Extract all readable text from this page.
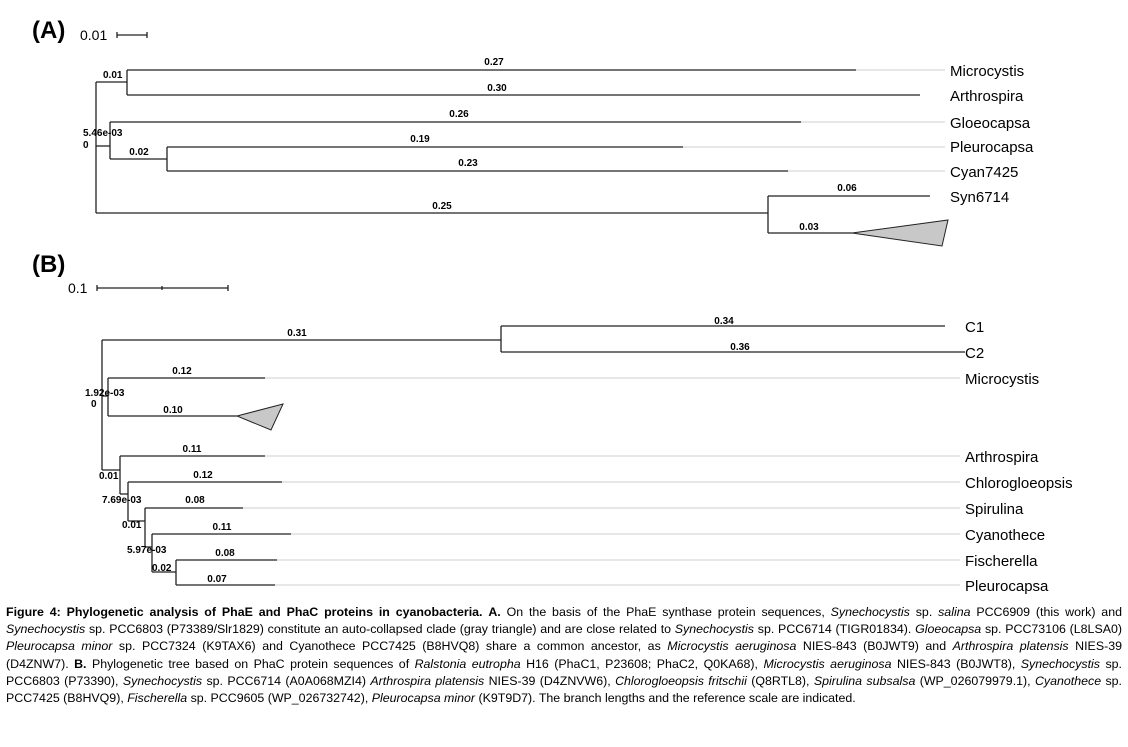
(A) 0.01
0.01
5.46e-03
0
0.27
0.30
0.26
0.19
0.23
0.06
0.25
0.02
0.03
Microcystis
Arthrospira
Gloeocapsa
Pleurocapsa
Cyan7425
Syn6714
(B)
0.1
1.92e-03
0
0.01
7.69e-03
0.01
5.97e-03
0.02
0.31
0.34
0.36
0.12
0.10
0.11
0.12
0.08
0.11
0.08
0.07
C1
C2
Microcystis
Arthrospira
Chlorogloeopsis
Spirulina
Cyanothece
Fischerella
Pleurocapsa
Figure 4: Phylogenetic analysis of PhaE and PhaC proteins in cyanobacteria. A. On the basis of the PhaE synthase protein sequences, Synechocystis sp. salina PCC6909 (this work) and Synechocystis sp. PCC6803 (P73389/Slr1829) constitute an auto-collapsed clade (gray triangle) and are close related to Synechocystis sp. PCC6714 (TIGR01834). Gloeocapsa sp. PCC73106 (L8LSA0) Pleurocapsa minor sp. PCC7324 (K9TAX6) and Cyanothece PCC7425 (B8HVQ8) share a common ancestor, as Microcystis aeruginosa NIES-843 (B0JWT9) and Arthrospira platensis NIES-39 (D4ZNW7). B. Phylogenetic tree based on PhaC protein sequences of Ralstonia eutropha H16 (PhaC1, P23608; PhaC2, Q0KA68), Microcystis aeruginosa NIES-843 (B0JWT8), Synechocystis sp. PCC6803 (P73390), Synechocystis sp. PCC6714 (A0A068MZI4) Arthrospira platensis NIES-39 (D4ZNVW6), Chlorogloeopsis fritschii (Q8RTL8), Spirulina subsalsa (WP_026079979.1), Cyanothece sp. PCC7425 (B8HVQ9), Fischerella sp. PCC9605 (WP_026732742), Pleurocapsa minor (K9T9D7). The branch lengths and the reference scale are indicated.
